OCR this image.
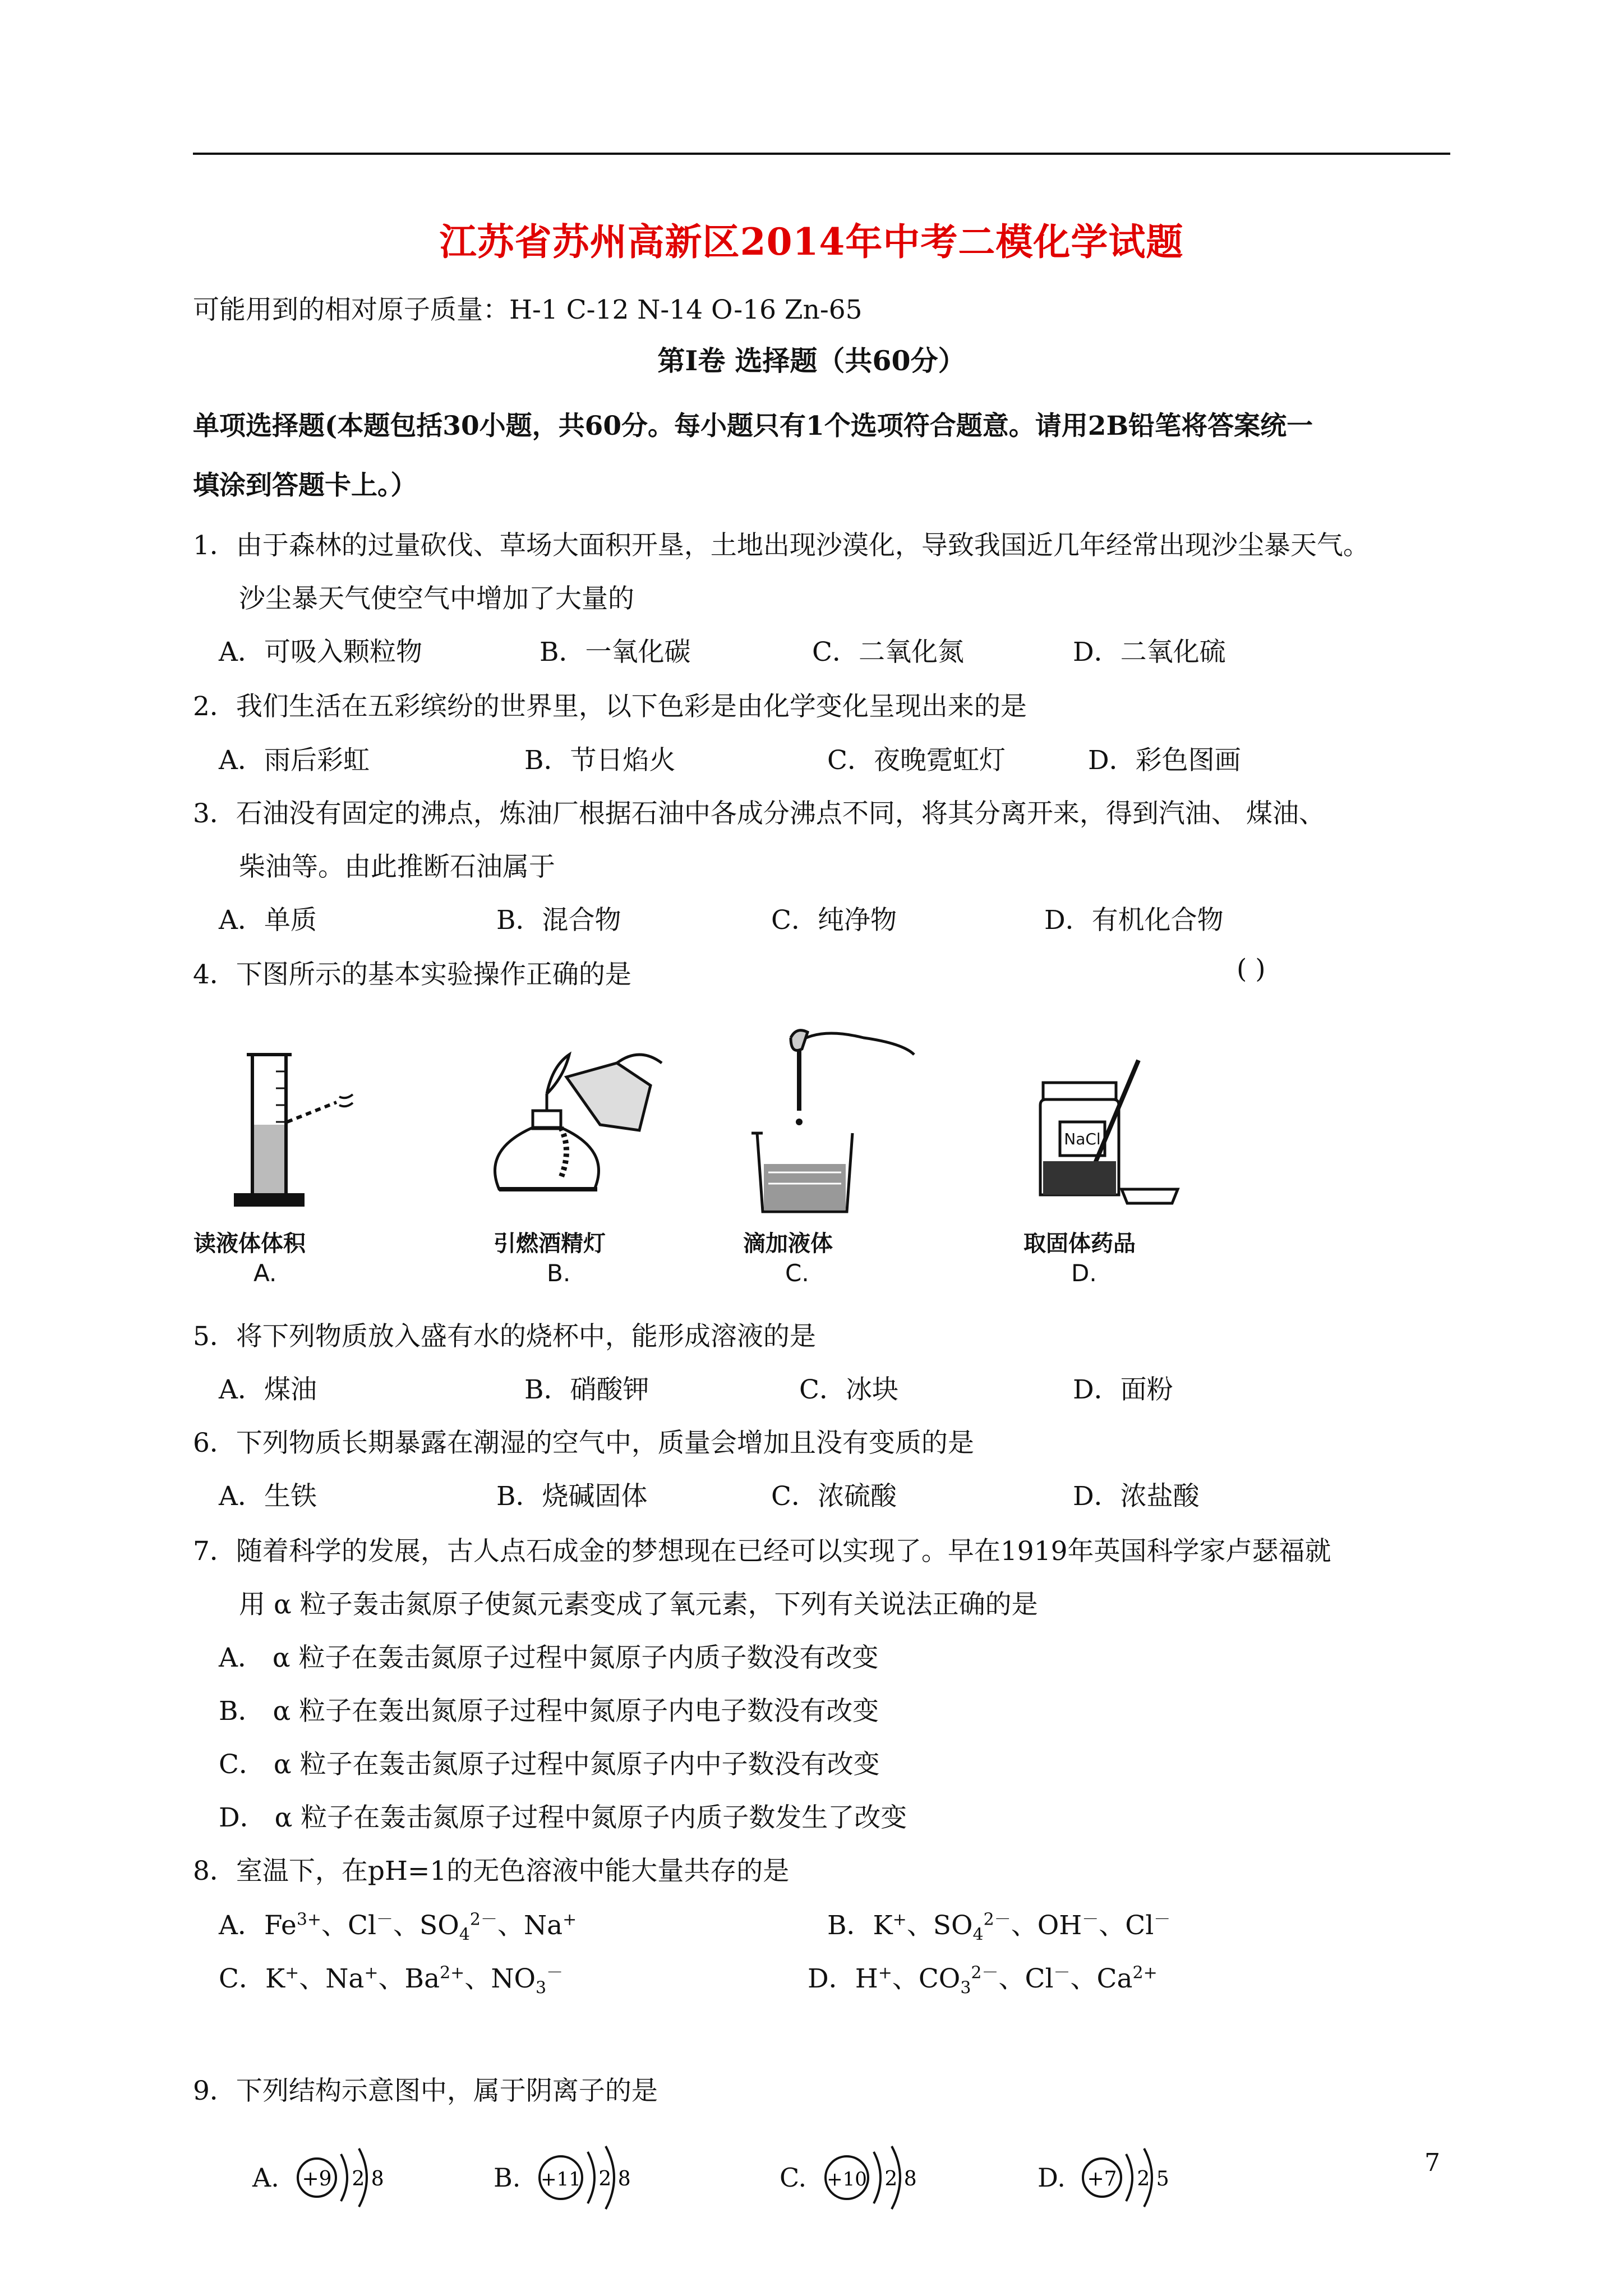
江苏省苏州高新区2014年中考二模化学试题
可能用到的相对原子质量：H-1 C-12 N-14 O-16 Zn-65
第Ⅰ卷 选择题（共60分）
单项选择题(本题包括30小题，共60分。每小题只有1个选项符合题意。请用2B铅笔将答案统一
填涂到答题卡上。）
1．由于森林的过量砍伐、草场大面积开垦，土地出现沙漠化，导致我国近几年经常出现沙尘暴天气。
沙尘暴天气使空气中增加了大量的
A．可吸入颗粒物	B．一氧化碳	C．二氧化氮	D．二氧化硫
2．我们生活在五彩缤纷的世界里，以下色彩是由化学变化呈现出来的是
A．雨后彩虹	B．节日焰火	C．夜晚霓虹灯	D．彩色图画
3．石油没有固定的沸点，炼油厂根据石油中各成分沸点不同，将其分离开来，得到汽油、 煤油、
柴油等。由此推断石油属于
A．单质	B．混合物	C．纯净物	D．有机化合物
4．下图所示的基本实验操作正确的是	( )
读液体体积
A.
引燃酒精灯
B.
滴加液体
C.
NaCl
取固体药品
D.
5．将下列物质放入盛有水的烧杯中，能形成溶液的是
A．煤油	B．硝酸钾	C．冰块	D．面粉
6．下列物质长期暴露在潮湿的空气中，质量会增加且没有变质的是
A．生铁	B．烧碱固体	C．浓硫酸	D．浓盐酸
7．随着科学的发展，古人点石成金的梦想现在已经可以实现了。早在1919年英国科学家卢瑟福就
用 α 粒子轰击氮原子使氮元素变成了氧元素，下列有关说法正确的是
A． α 粒子在轰击氮原子过程中氮原子内质子数没有改变
B． α 粒子在轰出氮原子过程中氮原子内电子数没有改变
C． α 粒子在轰击氮原子过程中氮原子内中子数没有改变
D． α 粒子在轰击氮原子过程中氮原子内质子数发生了改变
8．室温下，在pH=1的无色溶液中能大量共存的是
A．$Fe^{3+}$、Cl－、$SO_4^{2-}$、Na+	B．K+、$SO_4^{2-}$、OH－、Cl－
C．K+、Na+、$Ba^{2+}$、$NO_3^-$	D．H+、$CO_3^{2-}$、Cl－、$Ca^{2+}$
9．下列结构示意图中，属于阴离子的是
A. +9 2 8	B. +11 2 8	C. +10 2 8	D. +7 2 5
7
